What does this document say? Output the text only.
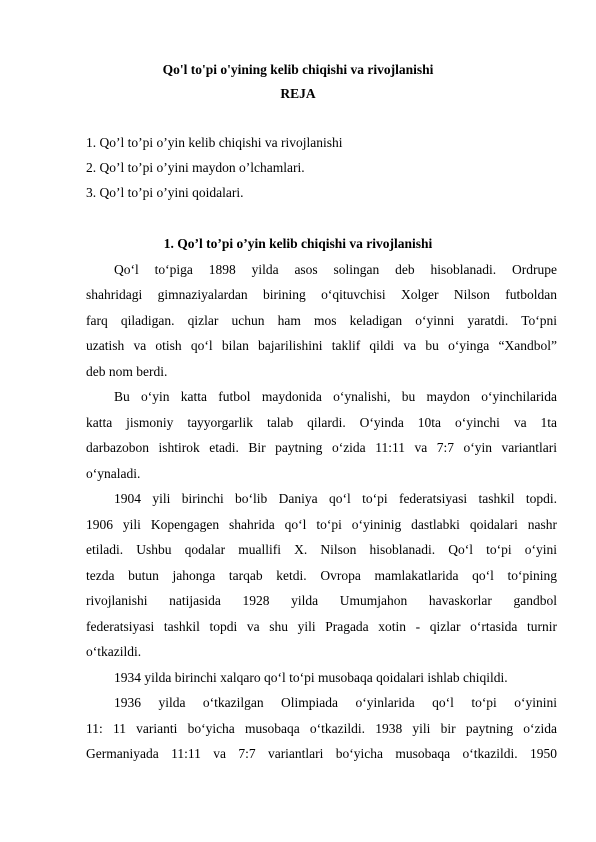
Qo'l to'pi o'yining kelib chiqishi va rivojlanishi
REJA
1. Qo’l to’pi o’yin kelib chiqishi va rivojlanishi
2. Qo’l to’pi o’yini maydon o’lchamlari.
3. Qo’l to’pi o’yini qoidalari.
1. Qo’l to’pi o’yin kelib chiqishi va rivojlanishi
Qo‘l to‘piga 1898 yilda asos solingan deb hisoblanadi. Ordrupe
shahridagi gimnaziyalardan birining o‘qituvchisi Xolger Nilson futboldan
farq qiladigan. qizlar uchun ham mos keladigan o‘yinni yaratdi. To‘pni
uzatish va otish qo‘l bilan bajarilishini taklif qildi va bu o‘yinga “Xandbol”
deb nom berdi.
Bu o‘yin katta futbol maydonida o‘ynalishi, bu maydon o‘yinchilarida
katta jismoniy tayyorgarlik talab qilardi. O‘yinda 10ta o‘yinchi va 1ta
darbazobon ishtirok etadi. Bir paytning o‘zida 11:11 va 7:7 o‘yin variantlari
o‘ynaladi.
1904 yili birinchi bo‘lib Daniya qo‘l to‘pi federatsiyasi tashkil topdi.
1906 yili Kopengagen shahrida qo‘l to‘pi o‘yininig dastlabki qoidalari nashr
etiladi. Ushbu qodalar muallifi X. Nilson hisoblanadi. Qo‘l to‘pi o‘yini
tezda butun jahonga tarqab ketdi. Ovropa mamlakatlarida qo‘l to‘pining
rivojlanishi natijasida 1928 yilda Umumjahon havaskorlar gandbol
federatsiyasi tashkil topdi va shu yili Pragada xotin - qizlar o‘rtasida turnir
o‘tkazildi.
1934 yilda birinchi xalqaro qo‘l to‘pi musobaqa qoidalari ishlab chiqildi.
1936 yilda o‘tkazilgan Olimpiada o‘yinlarida qo‘l to‘pi o‘yinini
11: 11 varianti bo‘yicha musobaqa o‘tkazildi. 1938 yili bir paytning o‘zida
Germaniyada 11:11 va 7:7 variantlari bo‘yicha musobaqa o‘tkazildi. 1950
